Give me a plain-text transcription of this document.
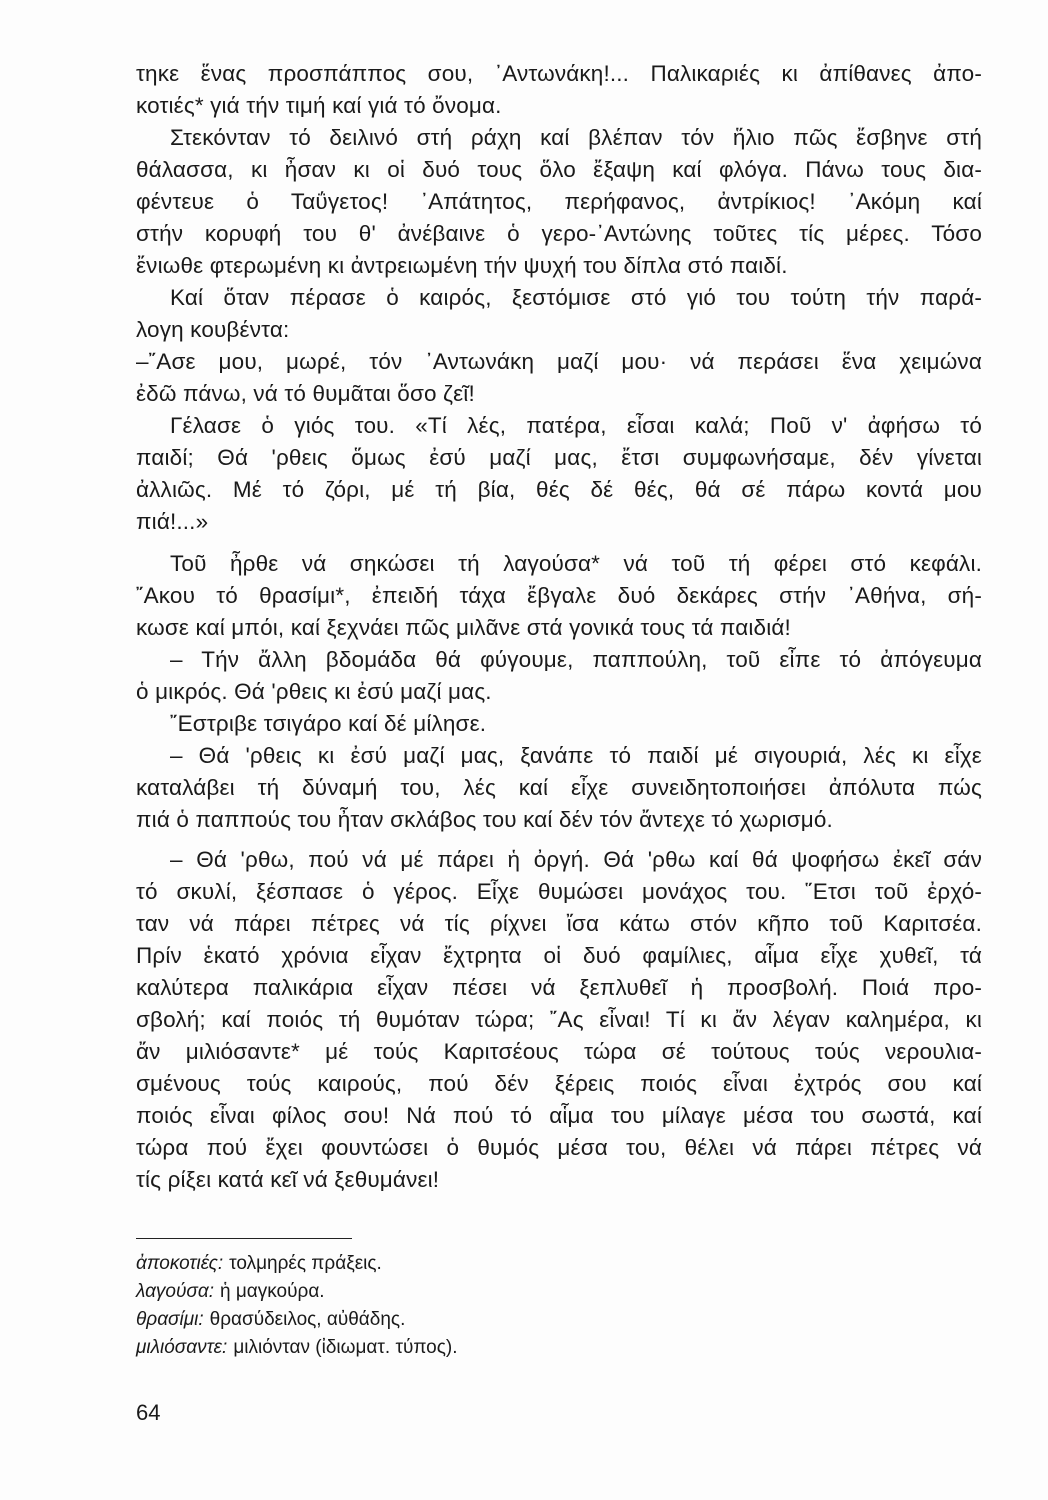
τηκε ἕνας προσπάππος σου, ᾿Αντωνάκη!... Παλικαριές κι ἀπίθανες ἀπο-
κοτιές* γιά τήν τιμή καί γιά τό ὄνομα.
Στεκόνταν τό δειλινό στή ράχη καί βλέπαν τόν ἥλιο πῶς ἔσβηνε στή
θάλασσα, κι ἦσαν κι οἱ δυό τους ὅλο ἔξαψη καί φλόγα. Πάνω τους δια-
φέντευε ὁ Ταΰγετος! ᾿Απάτητος, περήφανος, ἀντρίκιος! ᾿Ακόμη καί
στήν κορυφή του θ' ἀνέβαινε ὁ γερο-᾿Αντώνης τοῦτες τίς μέρες. Τόσο
ἔνιωθε φτερωμένη κι ἀντρειωμένη τήν ψυχή του δίπλα στό παιδί.
Καί ὅταν πέρασε ὁ καιρός, ξεστόμισε στό γιό του τούτη τήν παρά-
λογη κουβέντα:
–῎Ασε μου, μωρέ, τόν ᾿Αντωνάκη μαζί μου· νά περάσει ἕνα χειμώνα
ἐδῶ πάνω, νά τό θυμᾶται ὅσο ζεῖ!
Γέλασε ὁ γιός του. «Τί λές, πατέρα, εἶσαι καλά; Ποῦ ν' ἀφήσω τό
παιδί; Θά 'ρθεις ὅμως ἐσύ μαζί μας, ἔτσι συμφωνήσαμε, δέν γίνεται
ἀλλιῶς. Μέ τό ζόρι, μέ τή βία, θές δέ θές, θά σέ πάρω κοντά μου
πιά!...»
Τοῦ ἦρθε νά σηκώσει τή λαγούσα* νά τοῦ τή φέρει στό κεφάλι.
῎Ακου τό θρασίμι*, ἐπειδή τάχα ἔβγαλε δυό δεκάρες στήν ᾿Αθήνα, σή-
κωσε καί μπόι, καί ξεχνάει πῶς μιλᾶνε στά γονικά τους τά παιδιά!
– Τήν ἄλλη βδομάδα θά φύγουμε, παππούλη, τοῦ εἶπε τό ἀπόγευμα
ὁ μικρός. Θά 'ρθεις κι ἐσύ μαζί μας.
῎Εστριβε τσιγάρο καί δέ μίλησε.
– Θά 'ρθεις κι ἐσύ μαζί μας, ξανάπε τό παιδί μέ σιγουριά, λές κι εἶχε
καταλάβει τή δύναμή του, λές καί εἶχε συνειδητοποιήσει ἀπόλυτα πώς
πιά ὁ παππούς του ἦταν σκλάβος του καί δέν τόν ἄντεχε τό χωρισμό.
– Θά 'ρθω, πού νά μέ πάρει ἡ ὀργή. Θά 'ρθω καί θά ψοφήσω ἐκεῖ σάν
τό σκυλί, ξέσπασε ὁ γέρος. Εἶχε θυμώσει μονάχος του. ῞Ετσι τοῦ ἐρχό-
ταν νά πάρει πέτρες νά τίς ρίχνει ἴσα κάτω στόν κῆπο τοῦ Καριτσέα.
Πρίν ἑκατό χρόνια εἶχαν ἔχτρητα οἱ δυό φαμίλιες, αἷμα εἶχε χυθεῖ, τά
καλύτερα παλικάρια εἶχαν πέσει νά ξεπλυθεῖ ἡ προσβολή. Ποιά προ-
σβολή; καί ποιός τή θυμόταν τώρα; ῎Ας εἶναι! Τί κι ἄν λέγαν καλημέρα, κι
ἄν μιλιόσαντε* μέ τούς Καριτσέους τώρα σέ τούτους τούς νερουλια-
σμένους τούς καιρούς, πού δέν ξέρεις ποιός εἶναι ἐχτρός σου καί
ποιός εἶναι φίλος σου! Νά πού τό αἷμα του μίλαγε μέσα του σωστά, καί
τώρα πού ἔχει φουντώσει ὁ θυμός μέσα του, θέλει νά πάρει πέτρες νά
τίς ρίξει κατά κεῖ νά ξεθυμάνει!
ἀποκοτιές: τολμηρές πράξεις.
λαγούσα: ἡ μαγκούρα.
θρασίμι: θρασύδειλος, αὐθάδης.
μιλιόσαντε: μιλιόνταν (ἰδιωματ. τύπος).
64
